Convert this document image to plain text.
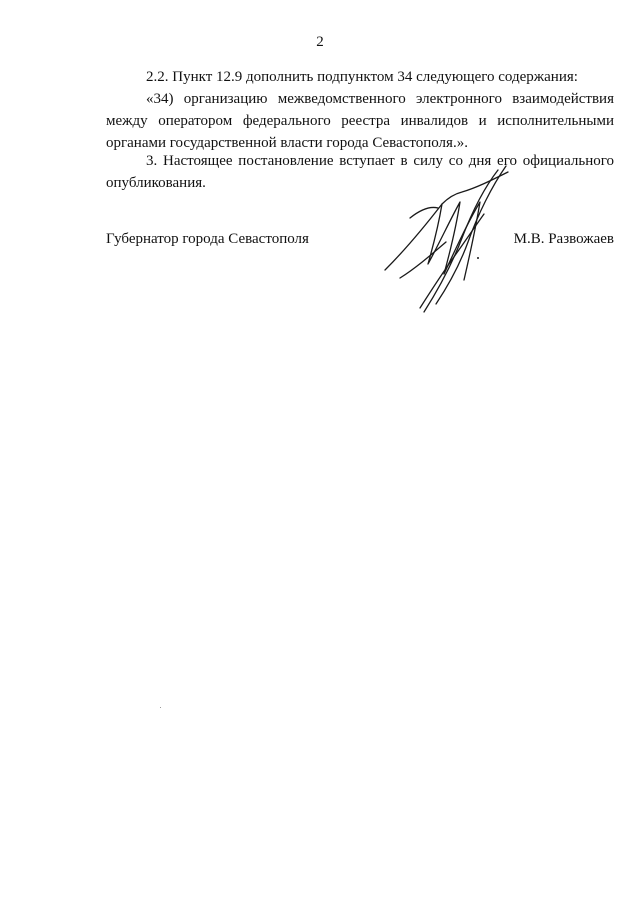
2

2.2. Пункт 12.9 дополнить подпунктом 34 следующего содержания:

«34) организацию межведомственного электронного взаимодействия между оператором федерального реестра инвалидов и исполнительными органами государственной власти города Севастополя.».

3. Настоящее постановление вступает в силу со дня его официального опубликования.

Губернатор города Севастополя	М.В. Развожаев
